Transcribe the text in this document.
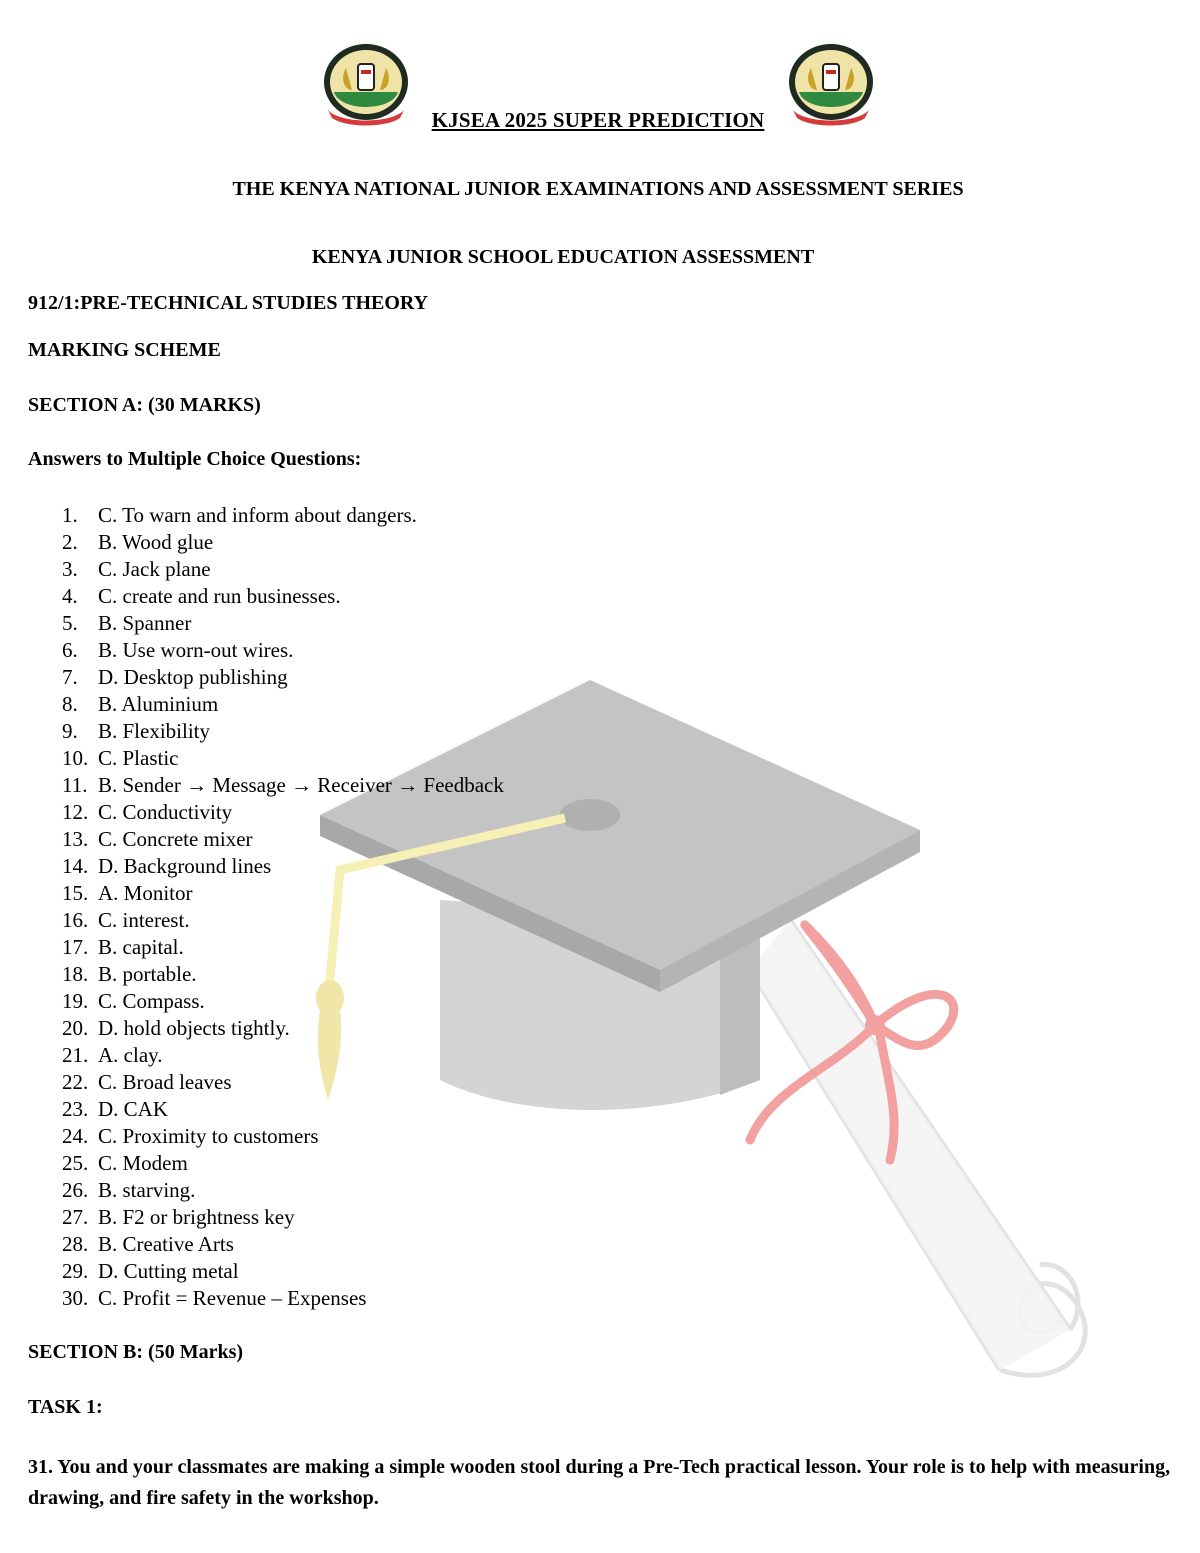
KJSEA 2025 SUPER PREDICTION
THE KENYA NATIONAL JUNIOR EXAMINATIONS AND ASSESSMENT SERIES
KENYA JUNIOR SCHOOL EDUCATION ASSESSMENT
912/1:PRE-TECHNICAL STUDIES THEORY
MARKING SCHEME
SECTION A: (30 MARKS)
Answers to Multiple Choice Questions:
1. C. To warn and inform about dangers.
2. B. Wood glue
3. C. Jack plane
4. C. create and run businesses.
5. B. Spanner
6. B. Use worn-out wires.
7. D. Desktop publishing
8. B. Aluminium
9. B. Flexibility
10. C. Plastic
11. B. Sender → Message → Receiver → Feedback
12. C. Conductivity
13. C. Concrete mixer
14. D. Background lines
15. A. Monitor
16. C. interest.
17. B. capital.
18. B. portable.
19. C. Compass.
20. D. hold objects tightly.
21. A. clay.
22. C. Broad leaves
23. D. CAK
24. C. Proximity to customers
25. C. Modem
26. B. starving.
27. B. F2 or brightness key
28. B. Creative Arts
29. D. Cutting metal
30. C. Profit = Revenue – Expenses
SECTION B: (50 Marks)
TASK 1:
31. You and your classmates are making a simple wooden stool during a Pre-Tech practical lesson. Your role is to help with measuring, drawing, and fire safety in the workshop.
